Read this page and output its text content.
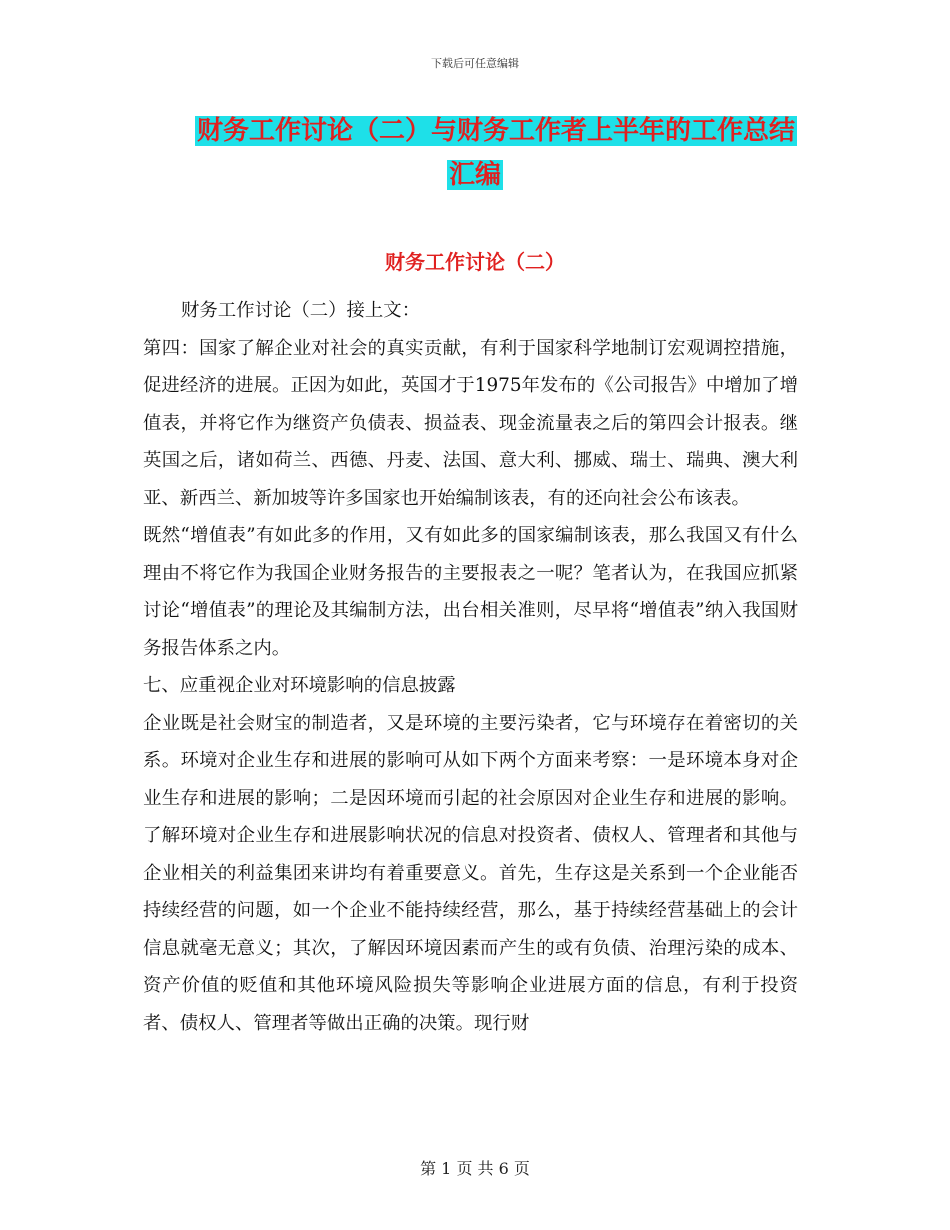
下载后可任意编辑
财务工作讨论（二）与财务工作者上半年的工作总结
汇编
财务工作讨论（二）

财务工作讨论（二）接上文：

第四：国家了解企业对社会的真实贡献，有利于国家科学地制订宏观调控措施，促进经济的进展。正因为如此，英国才于1975年发布的《公司报告》中增加了增值表，并将它作为继资产负债表、损益表、现金流量表之后的第四会计报表。继英国之后，诸如荷兰、西德、丹麦、法国、意大利、挪威、瑞士、瑞典、澳大利亚、新西兰、新加坡等许多国家也开始编制该表，有的还向社会公布该表。

既然“增值表”有如此多的作用，又有如此多的国家编制该表，那么我国又有什么理由不将它作为我国企业财务报告的主要报表之一呢？笔者认为，在我国应抓紧讨论“增值表”的理论及其编制方法，出台相关准则，尽早将“增值表”纳入我国财务报告体系之内。

七、应重视企业对环境影响的信息披露

企业既是社会财宝的制造者，又是环境的主要污染者，它与环境存在着密切的关系。环境对企业生存和进展的影响可从如下两个方面来考察：一是环境本身对企业生存和进展的影响；二是因环境而引起的社会原因对企业生存和进展的影响。了解环境对企业生存和进展影响状况的信息对投资者、债权人、管理者和其他与企业相关的利益集团来讲均有着重要意义。首先，生存这是关系到一个企业能否持续经营的问题，如一个企业不能持续经营，那么，基于持续经营基础上的会计信息就毫无意义；其次，了解因环境因素而产生的或有负债、治理污染的成本、资产价值的贬值和其他环境风险损失等影响企业进展方面的信息，有利于投资者、债权人、管理者等做出正确的决策。现行财

第 1 页 共 6 页
